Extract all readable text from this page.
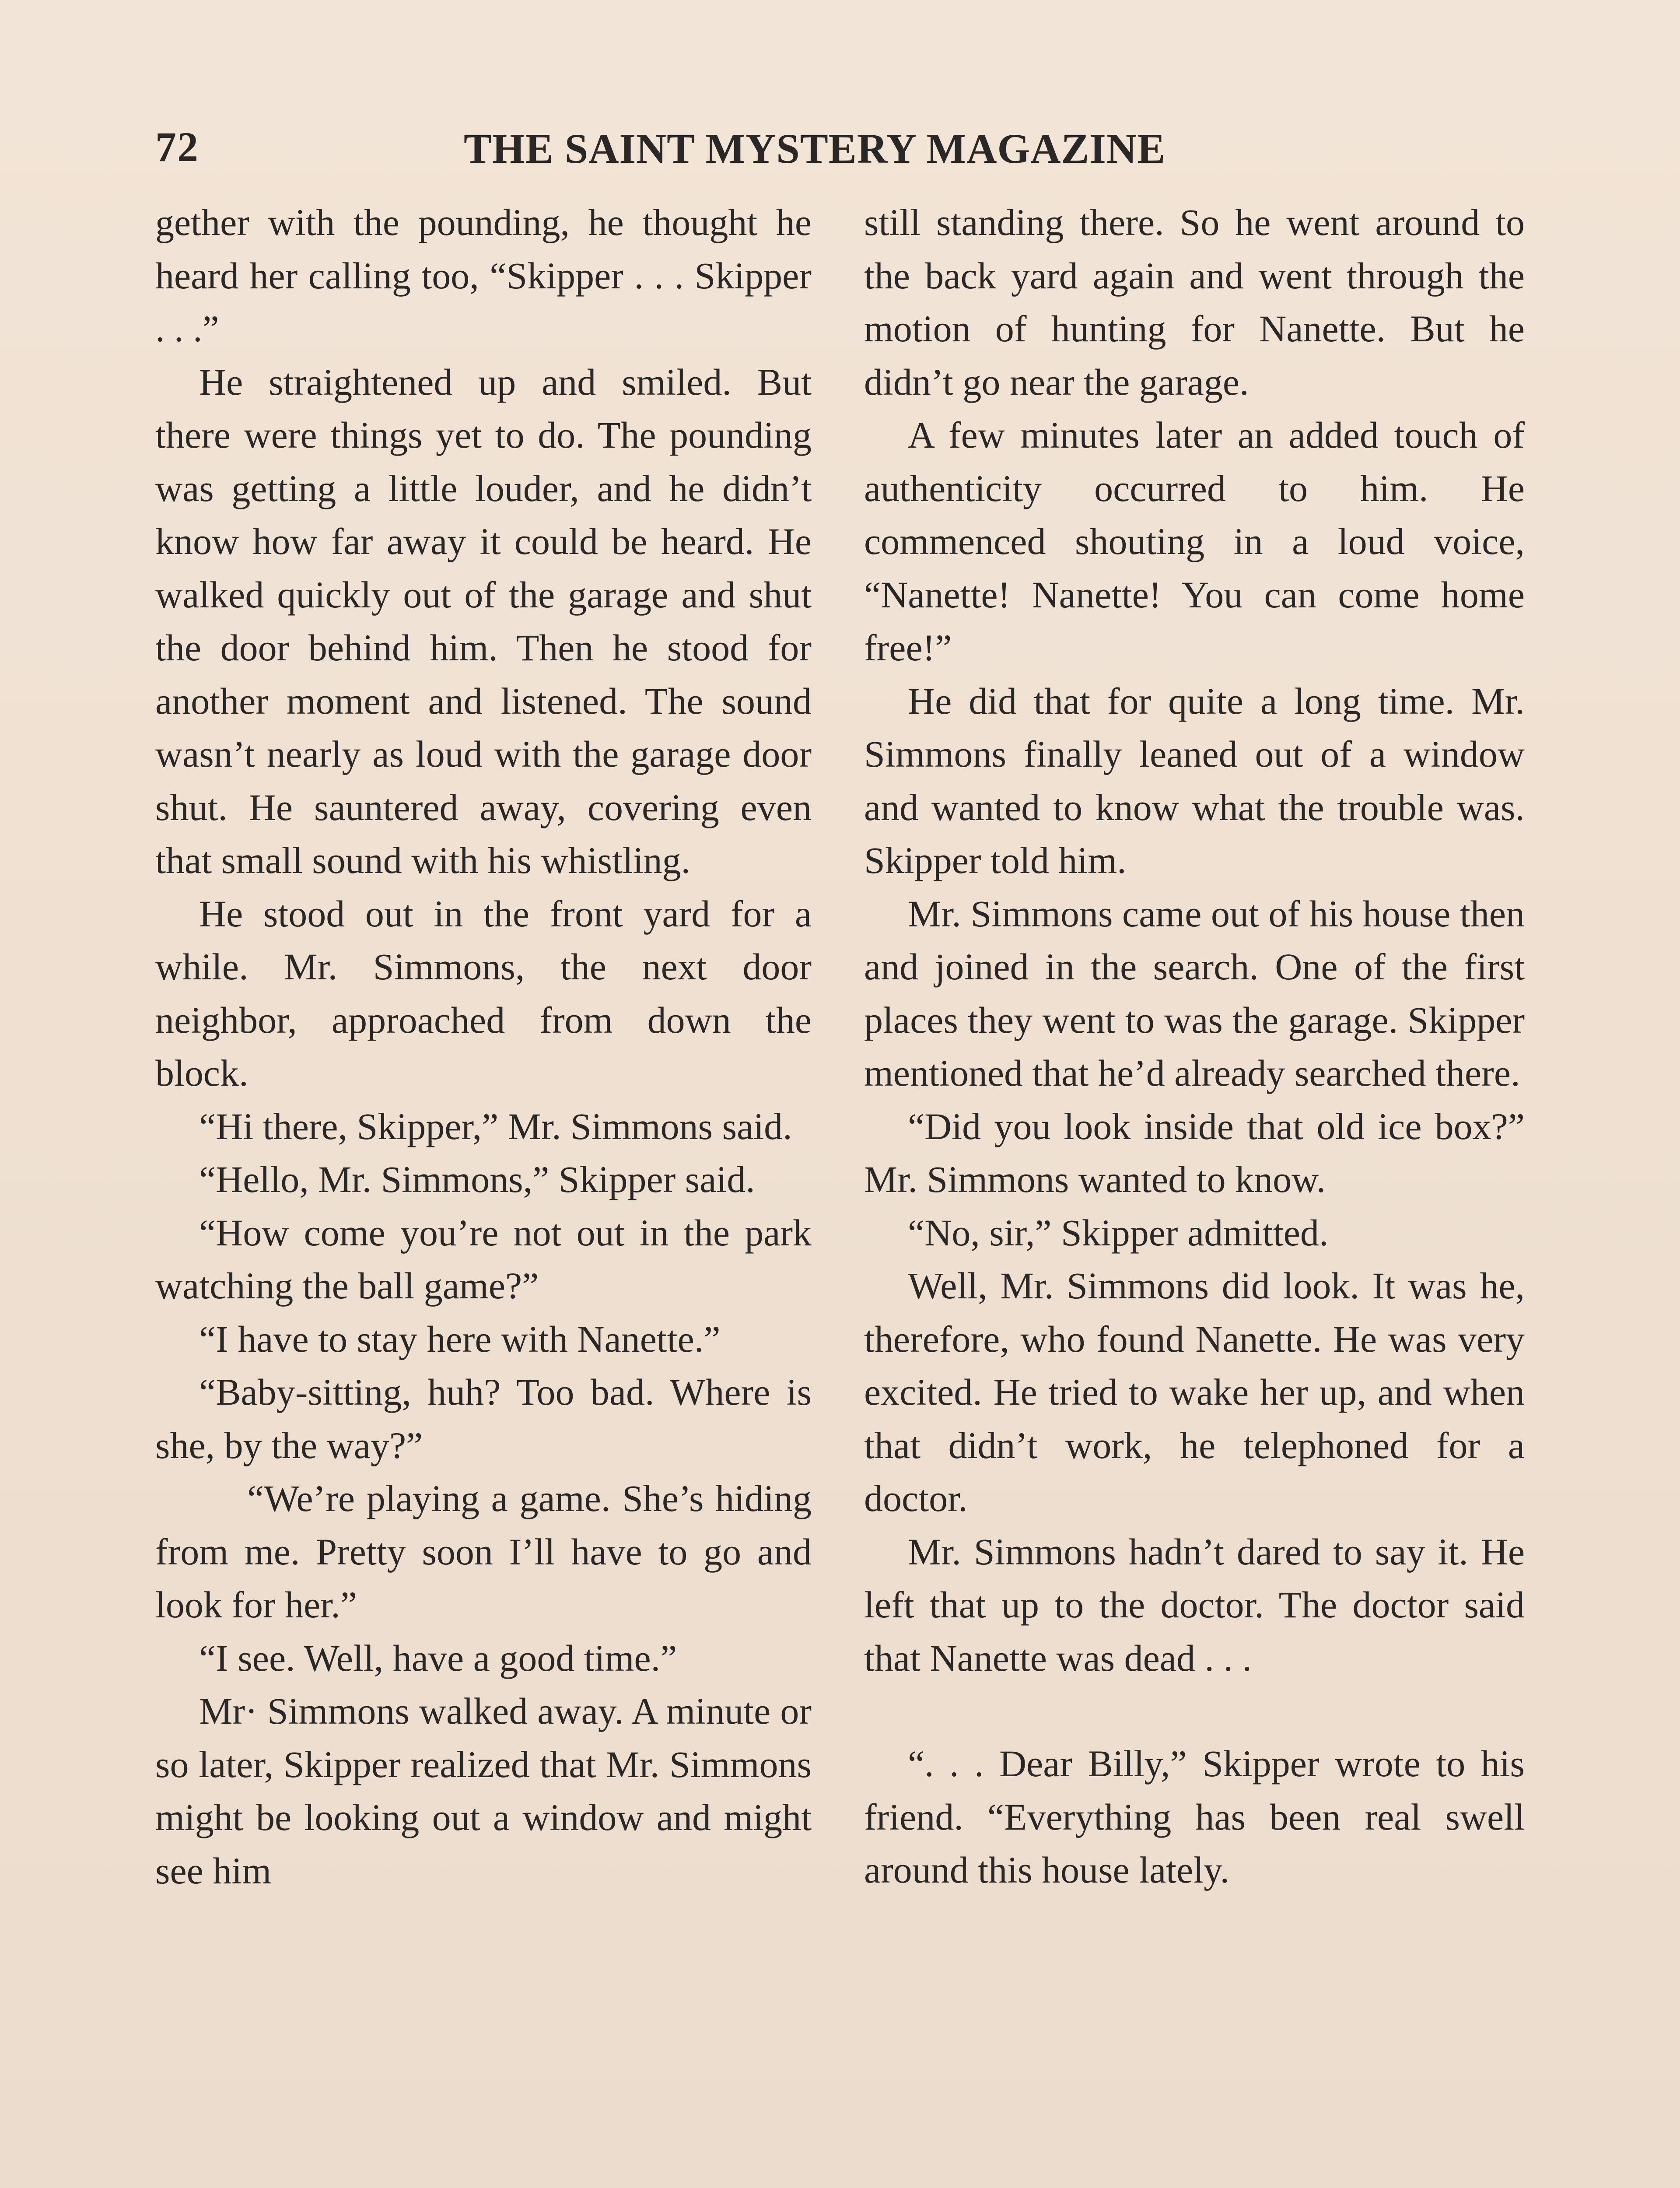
72	THE SAINT MYSTERY MAGAZINE

gether with the pounding, he thought he heard her calling too, “Skipper . . . Skipper . . .”

He straightened up and smiled. But there were things yet to do. The pounding was getting a little louder, and he didn’t know how far away it could be heard. He walked quickly out of the garage and shut the door behind him. Then he stood for another moment and listened. The sound wasn’t nearly as loud with the garage door shut. He sauntered away, covering even that small sound with his whistling.

He stood out in the front yard for a while. Mr. Simmons, the next door neighbor, approached from down the block.

“Hi there, Skipper,” Mr. Simmons said.

“Hello, Mr. Simmons,” Skipper said.

“How come you’re not out in the park watching the ball game?”

“I have to stay here with Nanette.”

“Baby-sitting, huh? Too bad. Where is she, by the way?”

“We’re playing a game. She’s hiding from me. Pretty soon I’ll have to go and look for her.”

“I see. Well, have a good time.”

Mr· Simmons walked away. A minute or so later, Skipper realized that Mr. Simmons might be looking out a window and might see him

still standing there. So he went around to the back yard again and went through the motion of hunting for Nanette. But he didn’t go near the garage.

A few minutes later an added touch of authenticity occurred to him. He commenced shouting in a loud voice, “Nanette! Nanette! You can come home free!”

He did that for quite a long time. Mr. Simmons finally leaned out of a window and wanted to know what the trouble was. Skipper told him.

Mr. Simmons came out of his house then and joined in the search. One of the first places they went to was the garage. Skipper mentioned that he’d already searched there.

“Did you look inside that old ice box?” Mr. Simmons wanted to know.

“No, sir,” Skipper admitted.

Well, Mr. Simmons did look. It was he, therefore, who found Nanette. He was very excited. He tried to wake her up, and when that didn’t work, he telephoned for a doctor.

Mr. Simmons hadn’t dared to say it. He left that up to the doctor. The doctor said that Nanette was dead . . .

“. . . Dear Billy,” Skipper wrote to his friend. “Everything has been real swell around this house lately.
